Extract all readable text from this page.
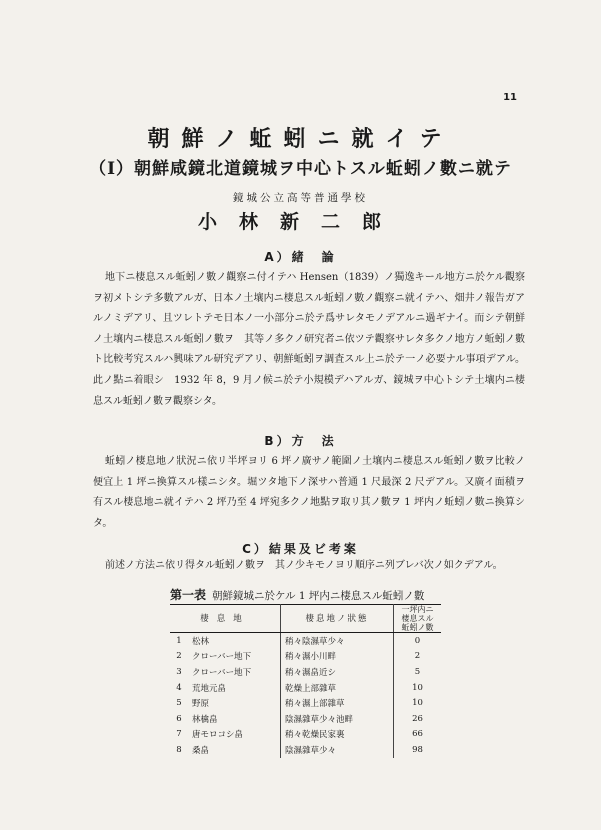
11
朝鮮ノ蚯蚓ニ就イテ
（I）朝鮮咸鏡北道鏡城ヲ中心トスル蚯蚓ノ數ニ就テ
鏡城公立高等普通學校
小林新二郎
A）緒　論

地下ニ棲息スル蚯蚓ノ數ノ觀察ニ付イテハ Hensen（1839）ノ獨逸キール地方ニ於ケル觀察ヲ初メトシテ多數アルガ、日本ノ土壤内ニ棲息スル蚯蚓ノ數ノ觀察ニ就イテハ、畑井ノ報告ガアルノミデアリ、且ツレトテモ日本ノ一小部分ニ於テ爲サレタモノデアルニ過ギナイ。而シテ朝鮮ノ土壤内ニ棲息スル蚯蚓ノ數ヲ　其等ノ多クノ研究者ニ依ツテ觀察サレタ多クノ地方ノ蚯蚓ノ數ト比較考究スルハ興味アル研究デアリ、朝鮮蚯蚓ヲ調査スル上ニ於テ一ノ必要ナル事項デアル。此ノ點ニ着眼シ　1932 年 8，9 月ノ候ニ於テ小規模デハアルガ、鏡城ヲ中心トシテ土壤内ニ棲息スル蚯蚓ノ數ヲ觀察シタ。

B）方　法

蚯蚓ノ棲息地ノ狀況ニ依リ半坪ヨリ 6 坪ノ廣サノ範圍ノ土壤内ニ棲息スル蚯蚓ノ數ヲ比較ノ便宜上 1 坪ニ換算スル樣ニシタ。堀ツタ地下ノ深サハ普通 1 尺最深 2 尺デアル。又廣イ面積ヲ有スル棲息地ニ就イテハ 2 坪乃至 4 坪宛多クノ地點ヲ取リ其ノ數ヲ 1 坪内ノ蚯蚓ノ數ニ換算シタ。

C）結果及ビ考案

前述ノ方法ニ依リ得タル蚯蚓ノ數ヲ　其ノ少キモノヨリ順序ニ列ブレバ次ノ如クデアル。

第一表 朝鮮鏡城ニ於ケル 1 坪内ニ棲息スル蚯蚓ノ數
棲息地		棲息地ノ狀態	一坪内ニ棲息スル蚯蚓ノ數
1	松林	稍々陰濕草少々	0
2	クローバー地下	稍々濕小川畔	2
3	クローバー地下	稍々濕畠近シ	5
4	荒地元畠	乾燥上部雜草	10
5	野原	稍々濕上部雜草	10
6	林檎畠	陰濕雜草少々池畔	26
7	唐モロコシ畠	稍々乾燥民家裏	66
8	桑畠	陰濕雜草少々	98
